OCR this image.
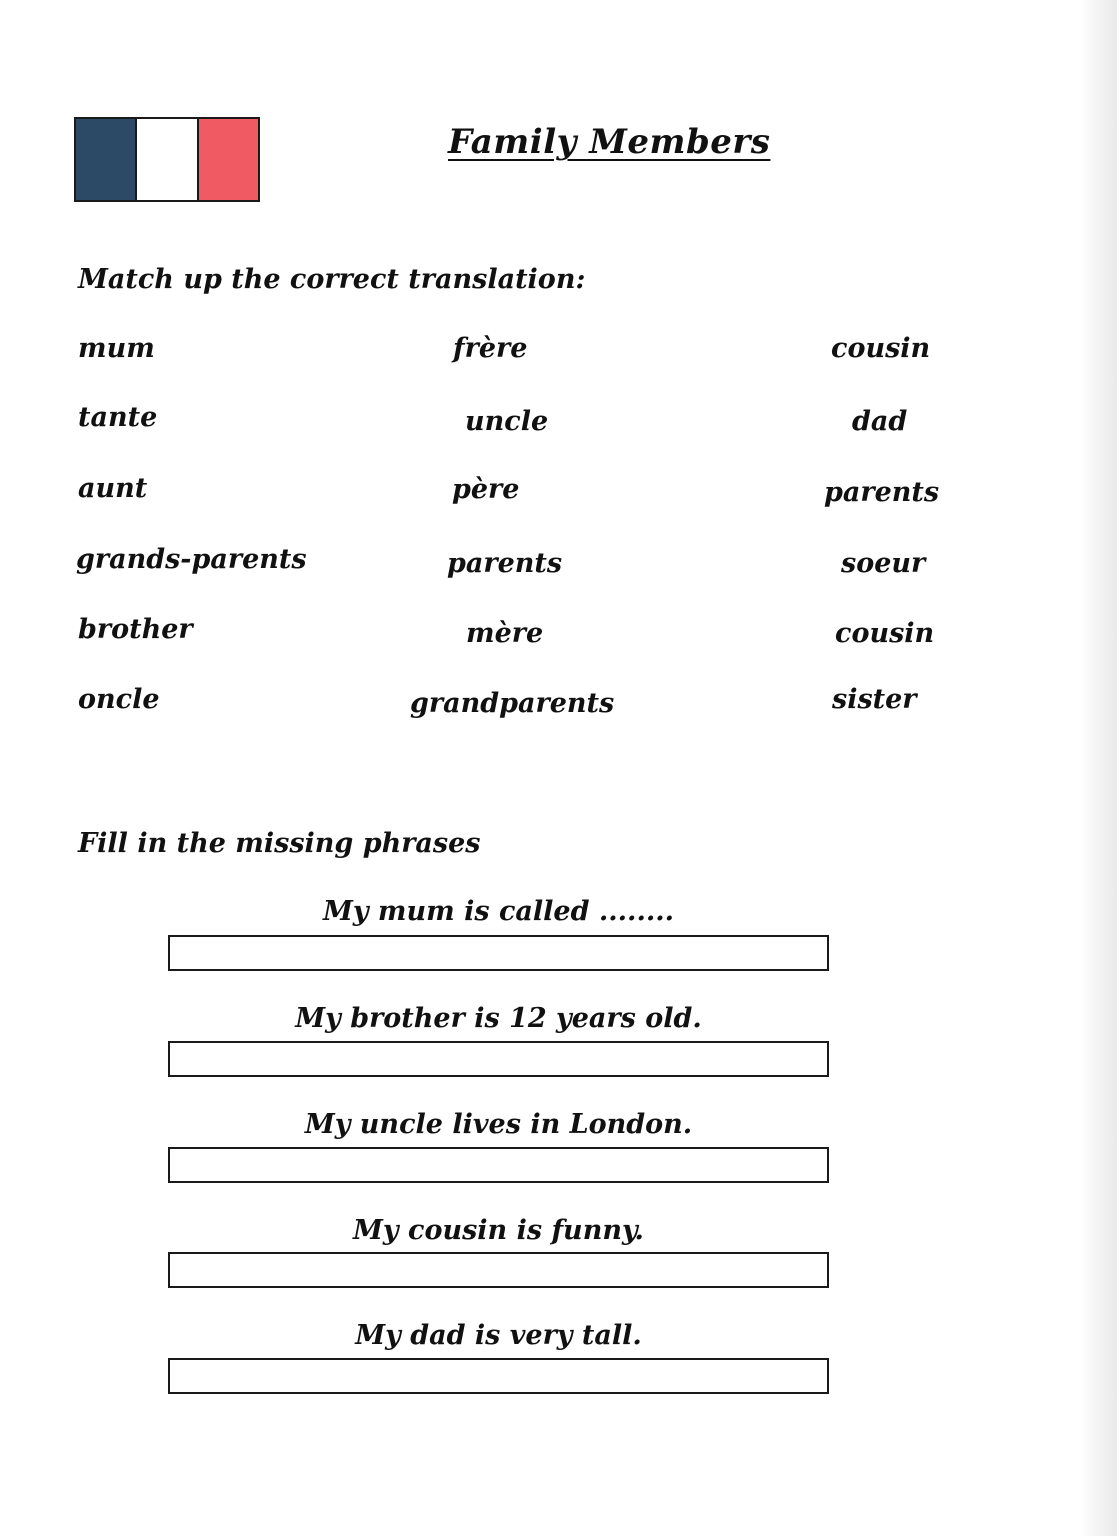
Family Members
Match up the correct translation:
mum
tante
aunt
grands-parents
brother
oncle
frère
uncle
père
parents
mère
grandparents
cousin
dad
parents
soeur
cousin
sister
Fill in the missing phrases
My mum is called ........
My brother is 12 years old.
My uncle lives in London.
My cousin is funny.
My dad is very tall.
